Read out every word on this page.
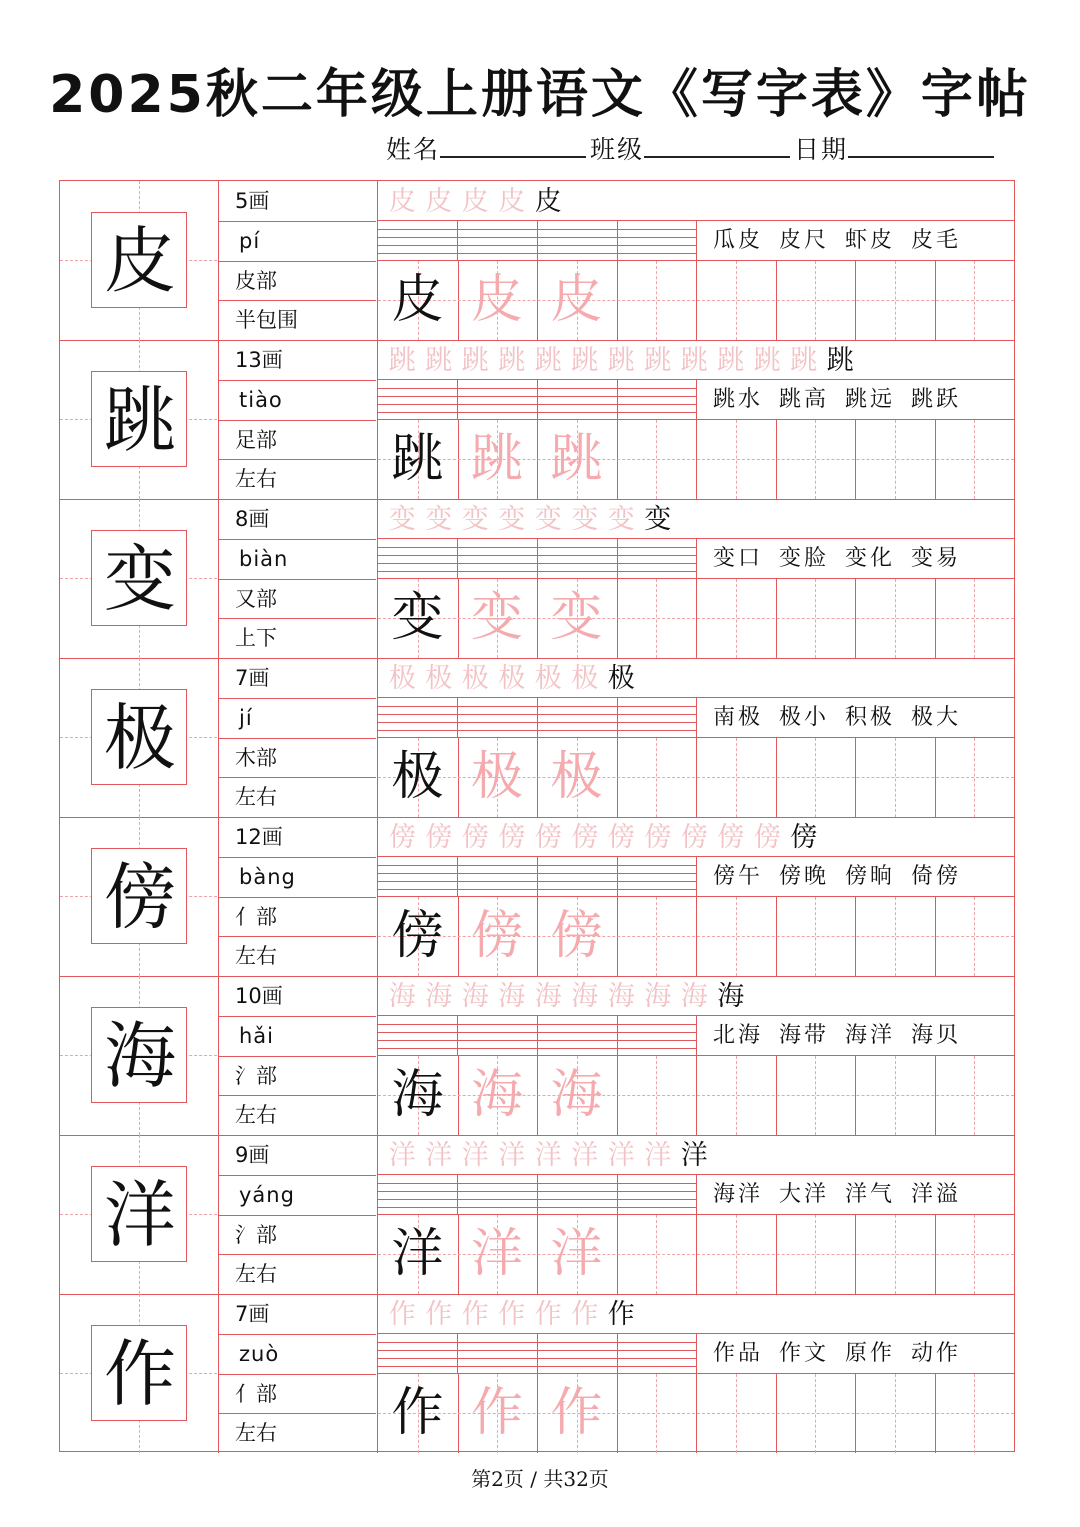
2025秋二年级上册语文《写字表》字帖
姓名	班级	日期
皮
5画
pí
皮部
半包围
皮 皮 皮 皮 皮
瓜皮 皮尺 虾皮 皮毛
皮 皮 皮
跳
13画
tiào
足部
左右
跳 跳 跳 跳 跳 跳 跳 跳 跳 跳 跳 跳 跳
跳水 跳高 跳远 跳跃
跳 跳 跳
变
8画
biàn
又部
上下
变 变 变 变 变 变 变 变
变口 变脸 变化 变易
变 变 变
极
7画
jí
木部
左右
极 极 极 极 极 极 极
南极 极小 积极 极大
极 极 极
傍
12画
bàng
亻部
左右
傍 傍 傍 傍 傍 傍 傍 傍 傍 傍 傍 傍
傍午 傍晚 傍晌 倚傍
傍 傍 傍
海
10画
hǎi
氵部
左右
海 海 海 海 海 海 海 海 海 海
北海 海带 海洋 海贝
海 海 海
洋
9画
yáng
氵部
左右
洋 洋 洋 洋 洋 洋 洋 洋 洋
海洋 大洋 洋气 洋溢
洋 洋 洋
作
7画
zuò
亻部
左右
作 作 作 作 作 作 作
作品 作文 原作 动作
作 作 作
第2页 / 共32页
